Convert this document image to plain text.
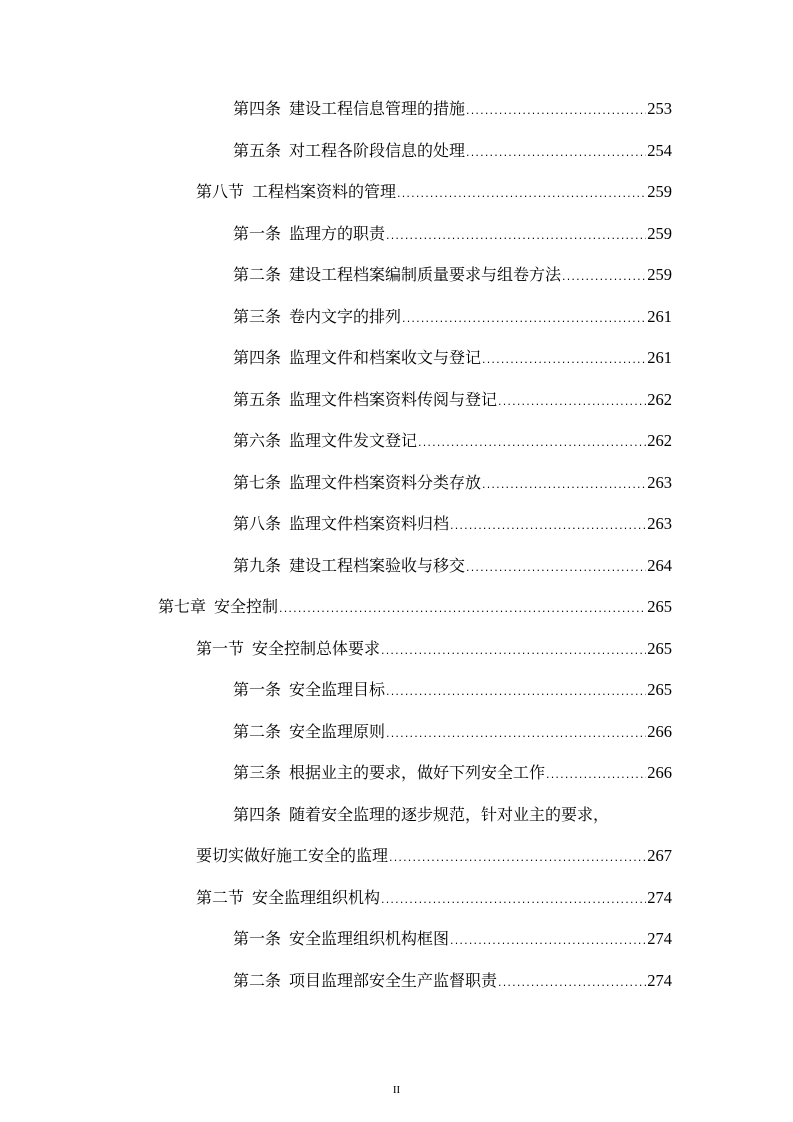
第四条 建设工程信息管理的措施 .....	253
第五条 对工程各阶段信息的处理 .....	254
第八节 工程档案资料的管理 .....	259
第一条 监理方的职责 .....	259
第二条 建设工程档案编制质量要求与组卷方法 .....	259
第三条 卷内文字的排列 .....	261
第四条 监理文件和档案收文与登记 .....	261
第五条 监理文件档案资料传阅与登记 .....	262
第六条 监理文件发文登记 .....	262
第七条 监理文件档案资料分类存放 .....	263
第八条 监理文件档案资料归档 .....	263
第九条 建设工程档案验收与移交 .....	264
第七章 安全控制 .....	265
第一节 安全控制总体要求 .....	265
第一条 安全监理目标 .....	265
第二条 安全监理原则 .....	266
第三条 根据业主的要求，做好下列安全工作 .....	266
第四条 随着安全监理的逐步规范，针对业主的要求，
要切实做好施工安全的监理 .....	267
第二节 安全监理组织机构 .....	274
第一条 安全监理组织机构框图 .....	274
第二条 项目监理部安全生产监督职责 .....	274
II
